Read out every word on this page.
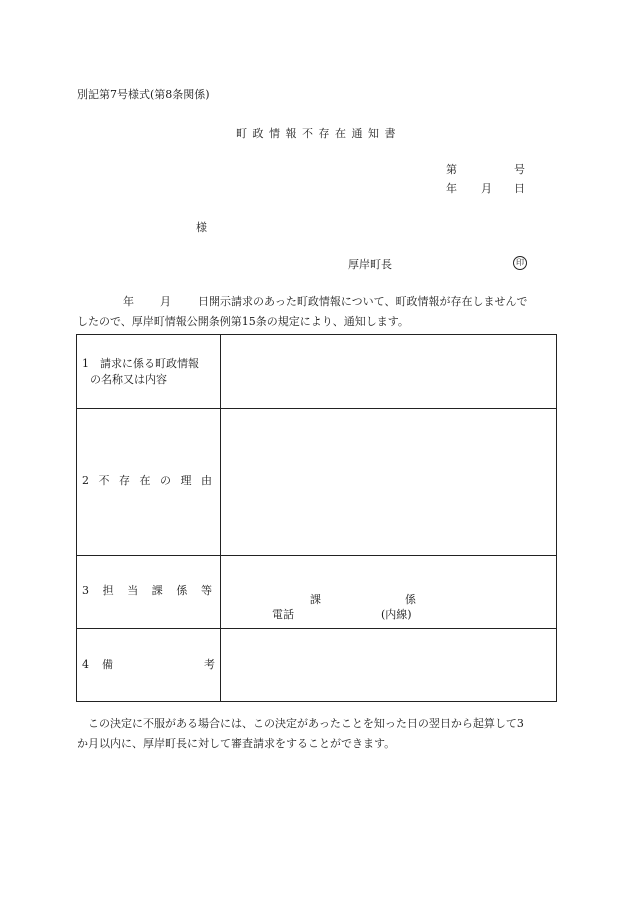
別記第7号様式(第8条関係)
町 政 情 報 不 存 在 通 知 書
第	号
年 月 日
様
厚岸町長	印
年 月 日開示請求のあった町政情報について、町政情報が存在しませんで
したので、厚岸町情報公開条例第15条の規定により、通知します。
1　請求に係る町政情報
の名称又は内容
2 不 存 在 の 理 由
3 担 当 課 係 等
課	係
電話	(内線)
4 備	考
この決定に不服がある場合には、この決定があったことを知った日の翌日から起算して3
か月以内に、厚岸町長に対して審査請求をすることができます。
